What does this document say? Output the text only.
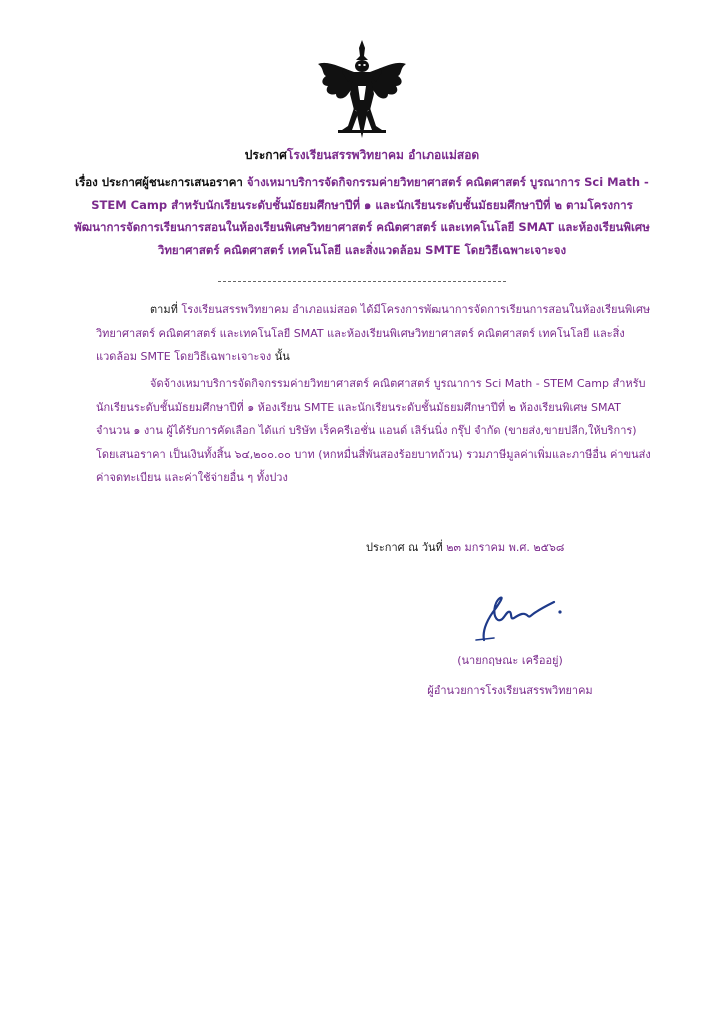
ประกาศโรงเรียนสรรพวิทยาคม อำเภอแม่สอด
เรื่อง ประกาศผู้ชนะการเสนอราคา จ้างเหมาบริการจัดกิจกรรมค่ายวิทยาศาสตร์ คณิตศาสตร์ บูรณาการ Sci Math - STEM Camp สำหรับนักเรียนระดับชั้นมัธยมศึกษาปีที่ ๑ และนักเรียนระดับชั้นมัธยมศึกษาปีที่ ๒ ตามโครงการพัฒนาการจัดการเรียนการสอนในห้องเรียนพิเศษวิทยาศาสตร์ คณิตศาสตร์ และเทคโนโลยี SMAT และห้องเรียนพิเศษวิทยาศาสตร์ คณิตศาสตร์ เทคโนโลยี และสิ่งแวดล้อม SMTE โดยวิธีเฉพาะเจาะจง
ตามที่ โรงเรียนสรรพวิทยาคม อำเภอแม่สอด ได้มีโครงการพัฒนาการจัดการเรียนการสอนในห้องเรียนพิเศษวิทยาศาสตร์ คณิตศาสตร์ และเทคโนโลยี SMAT และห้องเรียนพิเศษวิทยาศาสตร์ คณิตศาสตร์ เทคโนโลยี และสิ่งแวดล้อม SMTE โดยวิธีเฉพาะเจาะจง นั้น
จัดจ้างเหมาบริการจัดกิจกรรมค่ายวิทยาศาสตร์ คณิตศาสตร์ บูรณาการ Sci Math - STEM Camp สำหรับนักเรียนระดับชั้นมัธยมศึกษาปีที่ ๑ ห้องเรียน SMTE และนักเรียนระดับชั้นมัธยมศึกษาปีที่ ๒ ห้องเรียนพิเศษ SMAT จำนวน ๑ งาน ผู้ได้รับการคัดเลือก ได้แก่ บริษัท เร็คครีเอชั่น แอนด์ เลิร์นนิ่ง กรุ๊ป จำกัด (ขายส่ง,ขายปลีก,ให้บริการ) โดยเสนอราคา เป็นเงินทั้งสิ้น ๖๔,๒๐๐.๐๐ บาท (หกหมื่นสี่พันสองร้อยบาทถ้วน) รวมภาษีมูลค่าเพิ่มและภาษีอื่น ค่าขนส่ง ค่าจดทะเบียน และค่าใช้จ่ายอื่น ๆ ทั้งปวง
ประกาศ ณ วันที่ ๒๓ มกราคม พ.ศ. ๒๕๖๘
(นายกฤษณะ เครืออยู่)
ผู้อำนวยการโรงเรียนสรรพวิทยาคม
